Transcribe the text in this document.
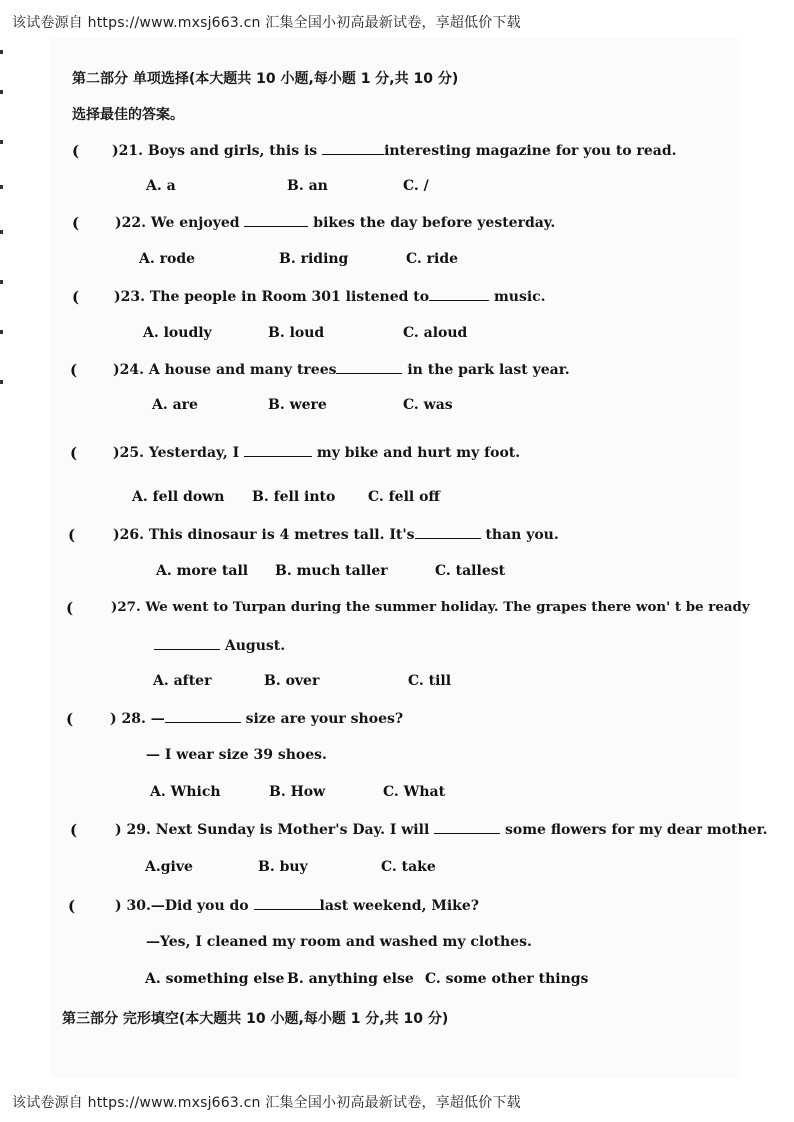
该试卷源自 https://www.mxsj663.cn 汇集全国小初高最新试卷，享超低价下载
第二部分 单项选择(本大题共 10 小题,每小题 1 分,共 10 分)
选择最佳的答案。
( )21. Boys and girls, this is	interesting magazine for you to read.
A. a	B. an	C. /
(	)22. We enjoyed	bikes the day before yesterday.
A. rode	B. riding	C. ride
( )23. The people in Room 301 listened to	music.
A. loudly	B. loud	C. aloud
(	)24. A house and many trees	in the park last year.
A. are	B. were	C. was
(	)25. Yesterday, I	my bike and hurt my foot.
A. fell down B. fell into C. fell off
(	)26. This dinosaur is 4 metres tall. It's	than you.
A. more tall B. much taller	C. tallest
(	)27. We went to Turpan during the summer holiday. The grapes there won' t be ready
August.
A. after	B. over	C. till
(	) 28. —	size are your shoes?
— I wear size 39 shoes.
A. Which	B. How	C. What
(	) 29. Next Sunday is Mother's Day. I will	some flowers for my dear mother.
A.give	B. buy	C. take
(	) 30.—Did you do	last weekend, Mike?
—Yes, I cleaned my room and washed my clothes.
A. something else B. anything else C. some other things
第三部分 完形填空(本大题共 10 小题,每小题 1 分,共 10 分)
该试卷源自 https://www.mxsj663.cn 汇集全国小初高最新试卷，享超低价下载
